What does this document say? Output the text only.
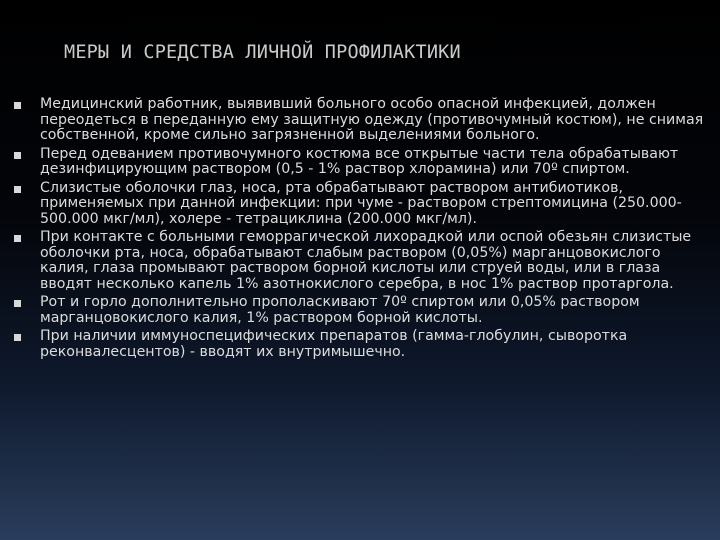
МЕРЫ И СРЕДСТВА ЛИЧНОЙ ПРОФИЛАКТИКИ
Медицинский работник, выявивший больного особо опасной инфекцией, должен переодеться в переданную ему защитную одежду (противочумный костюм), не снимая собственной, кроме сильно загрязненной выделениями больного.
Перед одеванием противочумного костюма все открытые части тела обрабатывают дезинфицирующим раствором (0,5 - 1% раствор хлорамина) или 70º спиртом.
Слизистые оболочки глаз, носа, рта обрабатывают раствором антибиотиков, применяемых при данной инфекции: при чуме - раствором стрептомицина (250.000-500.000 мкг/мл), холере - тетрациклина (200.000 мкг/мл).
При контакте с больными геморрагической лихорадкой или оспой обезьян слизистые оболочки рта, носа, обрабатывают слабым раствором (0,05%) марганцовокислого калия, глаза промывают раствором борной кислоты или струей воды, или в глаза вводят несколько капель 1% азотнокислого серебра, в нос 1% раствор протаргола.
Рот и горло дополнительно прополаскивают 70º спиртом или 0,05% раствором марганцовокислого калия, 1% раствором борной кислоты.
При наличии иммуноспецифических препаратов (гамма-глобулин, сыворотка реконвалесцентов) - вводят их внутримышечно.
